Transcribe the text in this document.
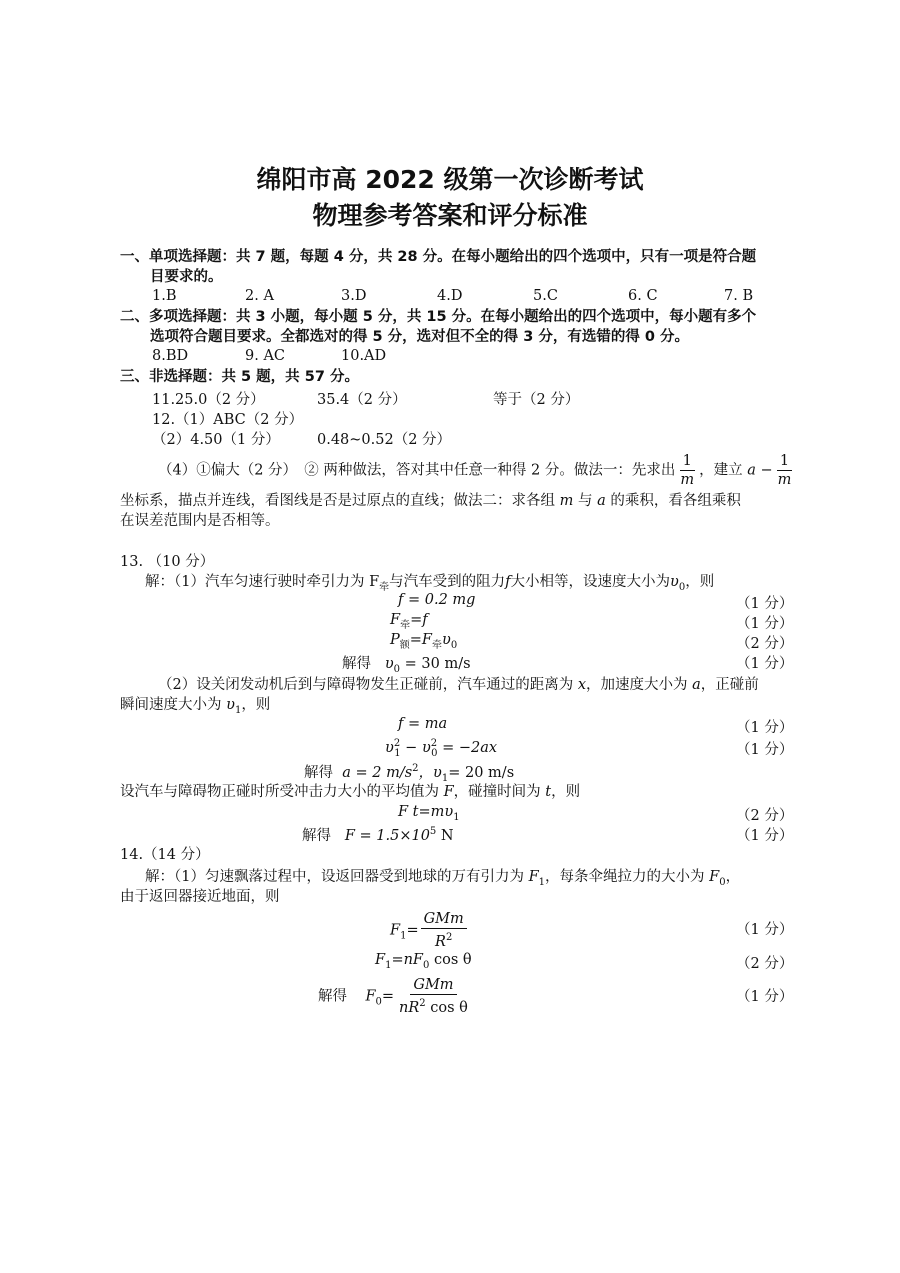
绵阳市高 2022 级第一次诊断考试
物理参考答案和评分标准
一、单项选择题：共 7 题，每题 4 分，共 28 分。在每小题给出的四个选项中，只有一项是符合题
目要求的。
1.B	2. A	3.D	4.D	5.C	6. C	7. B
二、多项选择题：共 3 小题，每小题 5 分，共 15 分。在每小题给出的四个选项中，每小题有多个
选项符合题目要求。全都选对的得 5 分，选对但不全的得 3 分，有选错的得 0 分。
8.BD	9. AC	10.AD
三、非选择题：共 5 题，共 57 分。
11.25.0（2 分）	35.4（2 分）	等于（2 分）
12.（1）ABC（2 分）
（2）4.50（1 分）	0.48~0.52（2 分）
（4）①偏大（2 分）　② 两种做法，答对其中任意一种得 2 分。做法一：先求出 $\frac{1}{m}$ ，建立 $a - \frac{1}{m}$
坐标系，描点并连线，看图线是否是过原点的直线；做法二：求各组 m 与 a 的乘积，看各组乘积
在误差范围内是否相等。
13. （10 分）
解：（1）汽车匀速行驶时牵引力为 $F_牵$与汽车受到的阻力f大小相等，设速度大小为$\upsilon_0$，则
f = 0.2 mg	（1 分）
$F_牵=f$	（1 分）
$P_额=F_牵\upsilon_0$	（2 分）
解得 $\upsilon_0 = 30$ m/s	（1 分）
（2）设关闭发动机后到与障碍物发生正碰前，汽车通过的距离为 x，加速度大小为 a，正碰前
瞬间速度大小为 $\upsilon_1$，则
f = ma	（1 分）
$\upsilon^2_1 - \upsilon^2_0 = -2ax$	（1 分）
解得 a = 2 $m/s^2$，$\upsilon_1= 20$ m/s
设汽车与障碍物正碰时所受冲击力大小的平均值为 F，碰撞时间为 t，则
F $t=m\upsilon_1$	（2 分）
解得 $F = 1.5\times 10^5$ N	（1 分）
14.（14 分）
解：（1）匀速飘落过程中，设返回器受到地球的万有引力为 $F_1$，每条伞绳拉力的大小为 $F_0$，
由于返回器接近地面，则
$F_1= \frac{\text{GMm}}{R^2}$	（1 分）
$F_1=nF_0$ cos θ	（2 分）
解得 $F_0= \frac{\text{GMm}}{nR^2 \cos \theta}$	（1 分）
